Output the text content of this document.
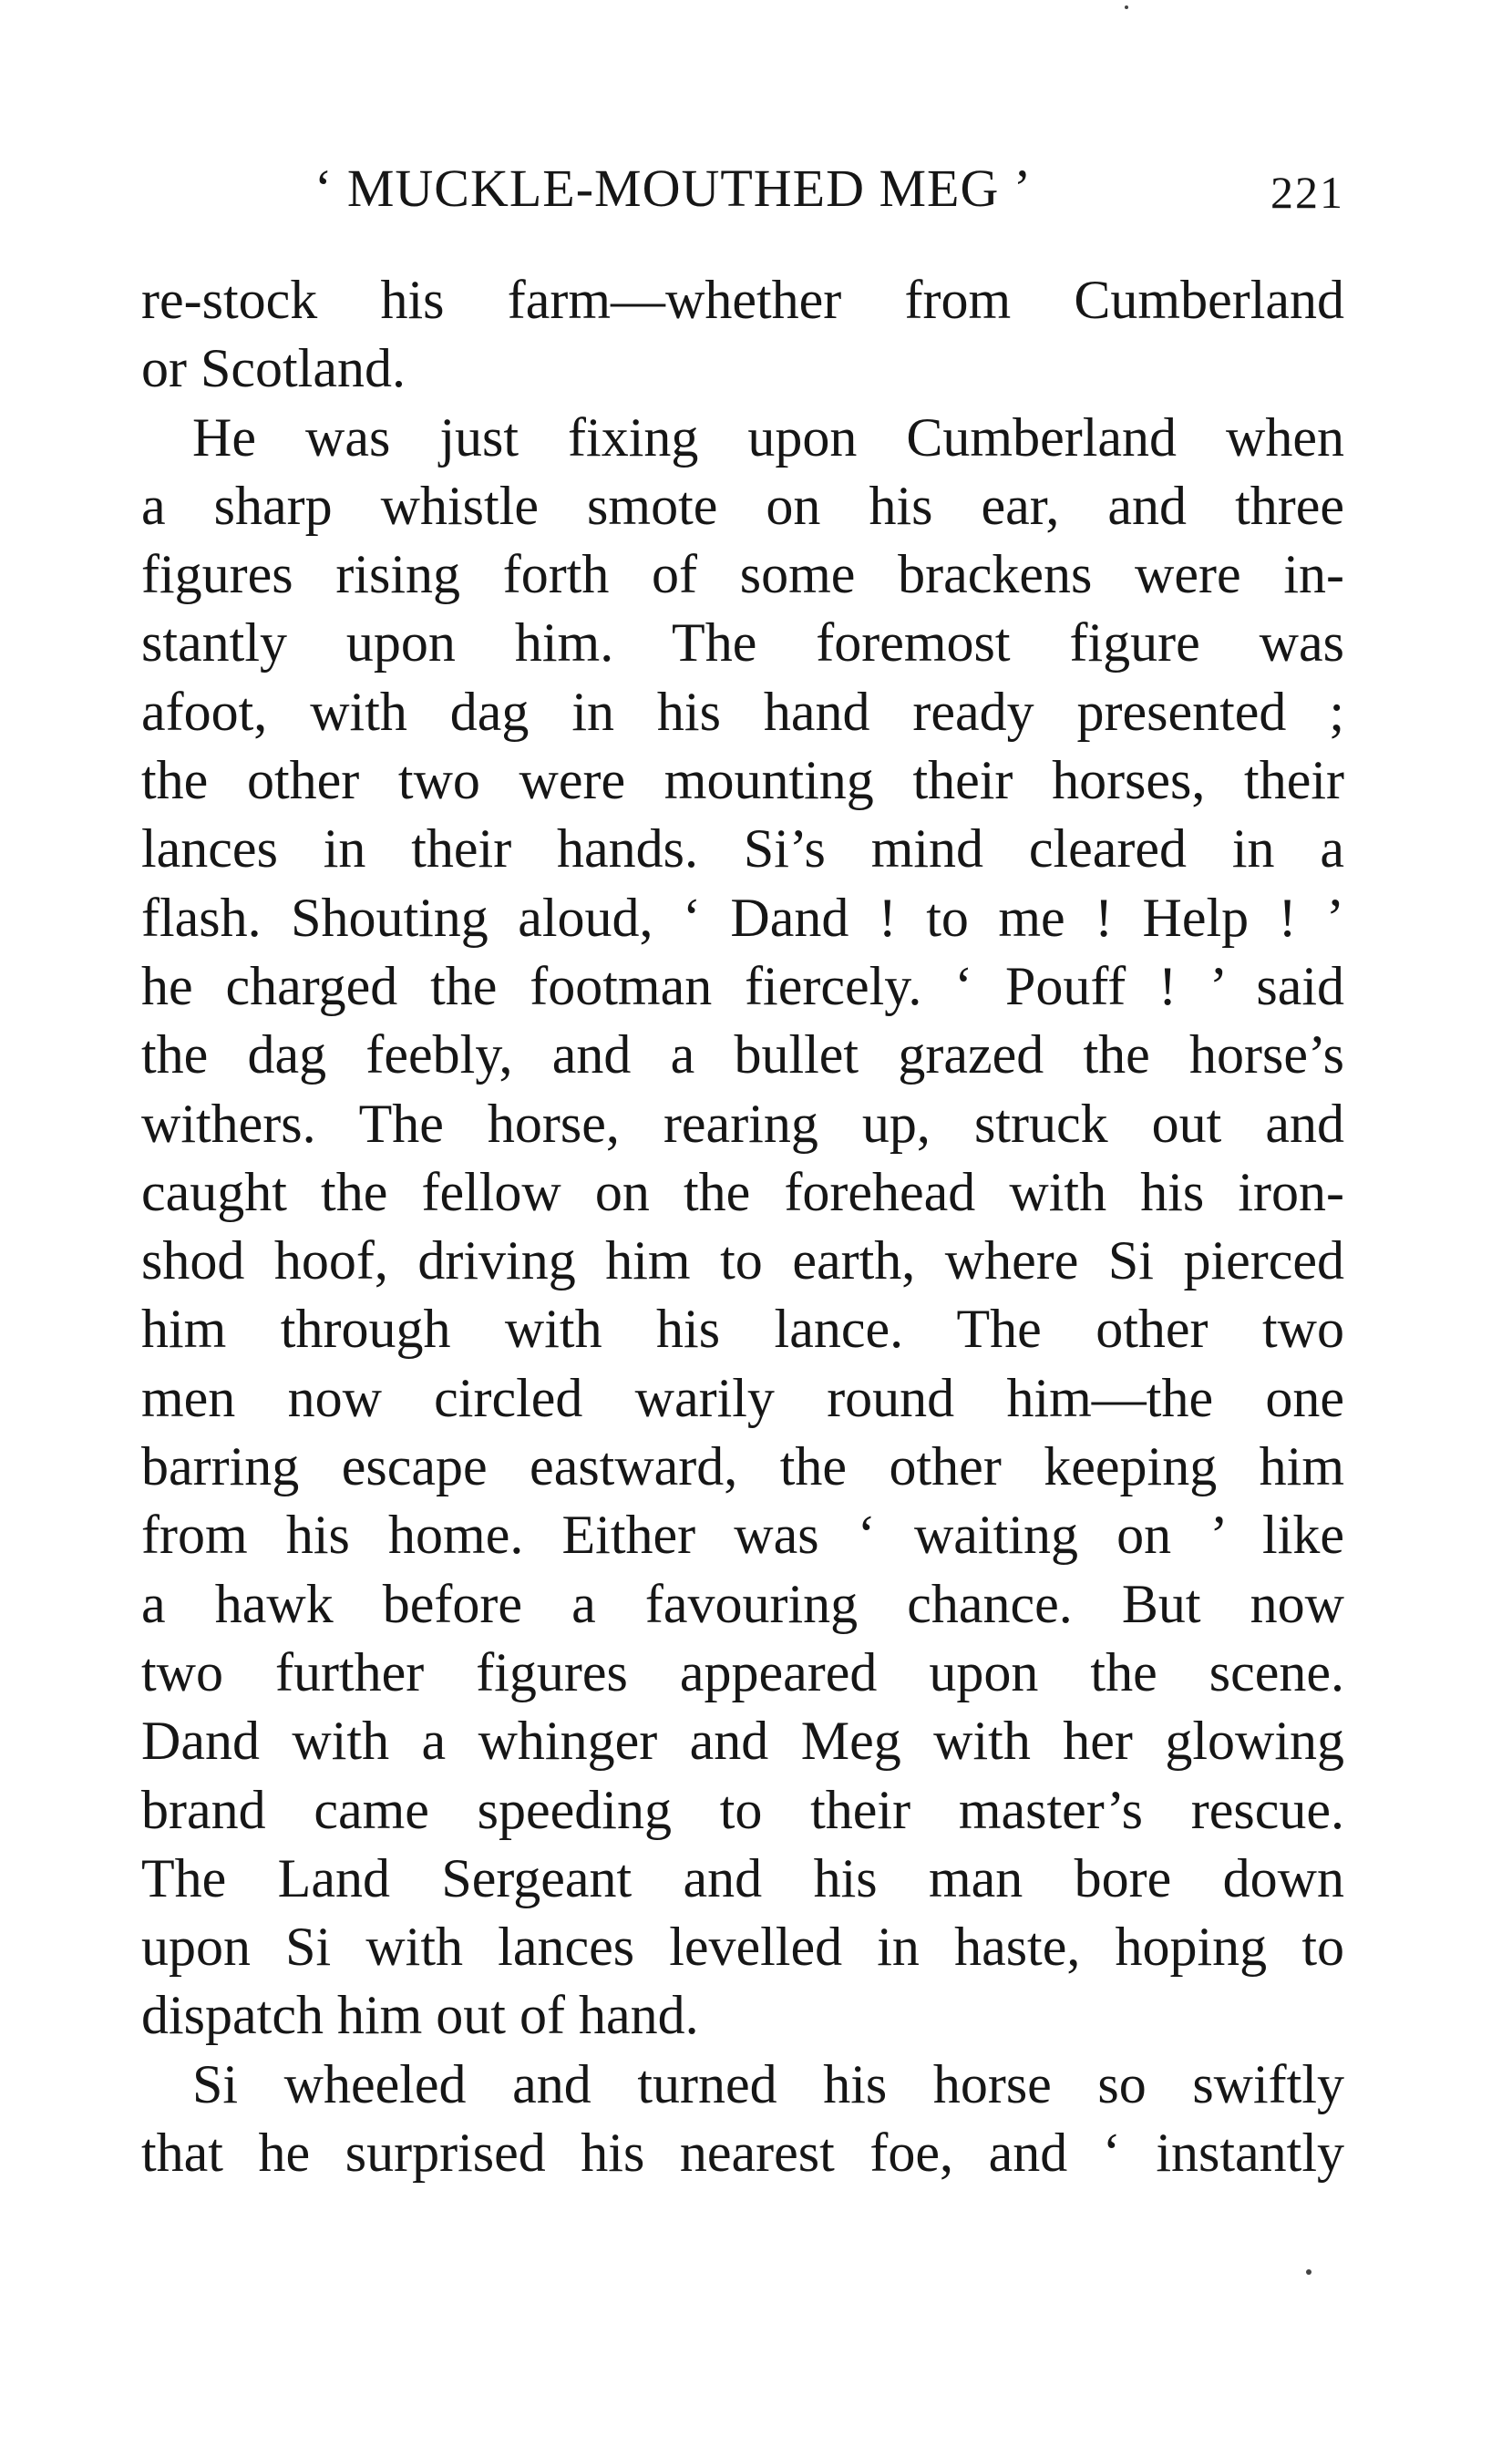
‘ MUCKLE-MOUTHED MEG ’	221
re-stock his farm—whether from Cumberland
or Scotland.
He was just fixing upon Cumberland when
a sharp whistle smote on his ear, and three
figures rising forth of some brackens were in-
stantly upon him. The foremost figure was
afoot, with dag in his hand ready presented ;
the other two were mounting their horses, their
lances in their hands. Si’s mind cleared in a
flash. Shouting aloud, ‘ Dand ! to me ! Help ! ’
he charged the footman fiercely. ‘ Pouff ! ’ said
the dag feebly, and a bullet grazed the horse’s
withers. The horse, rearing up, struck out and
caught the fellow on the forehead with his iron-
shod hoof, driving him to earth, where Si pierced
him through with his lance. The other two
men now circled warily round him—the one
barring escape eastward, the other keeping him
from his home. Either was ‘ waiting on ’ like
a hawk before a favouring chance. But now
two further figures appeared upon the scene.
Dand with a whinger and Meg with her glowing
brand came speeding to their master’s rescue.
The Land Sergeant and his man bore down
upon Si with lances levelled in haste, hoping to
dispatch him out of hand.
Si wheeled and turned his horse so swiftly
that he surprised his nearest foe, and ‘ instantly
